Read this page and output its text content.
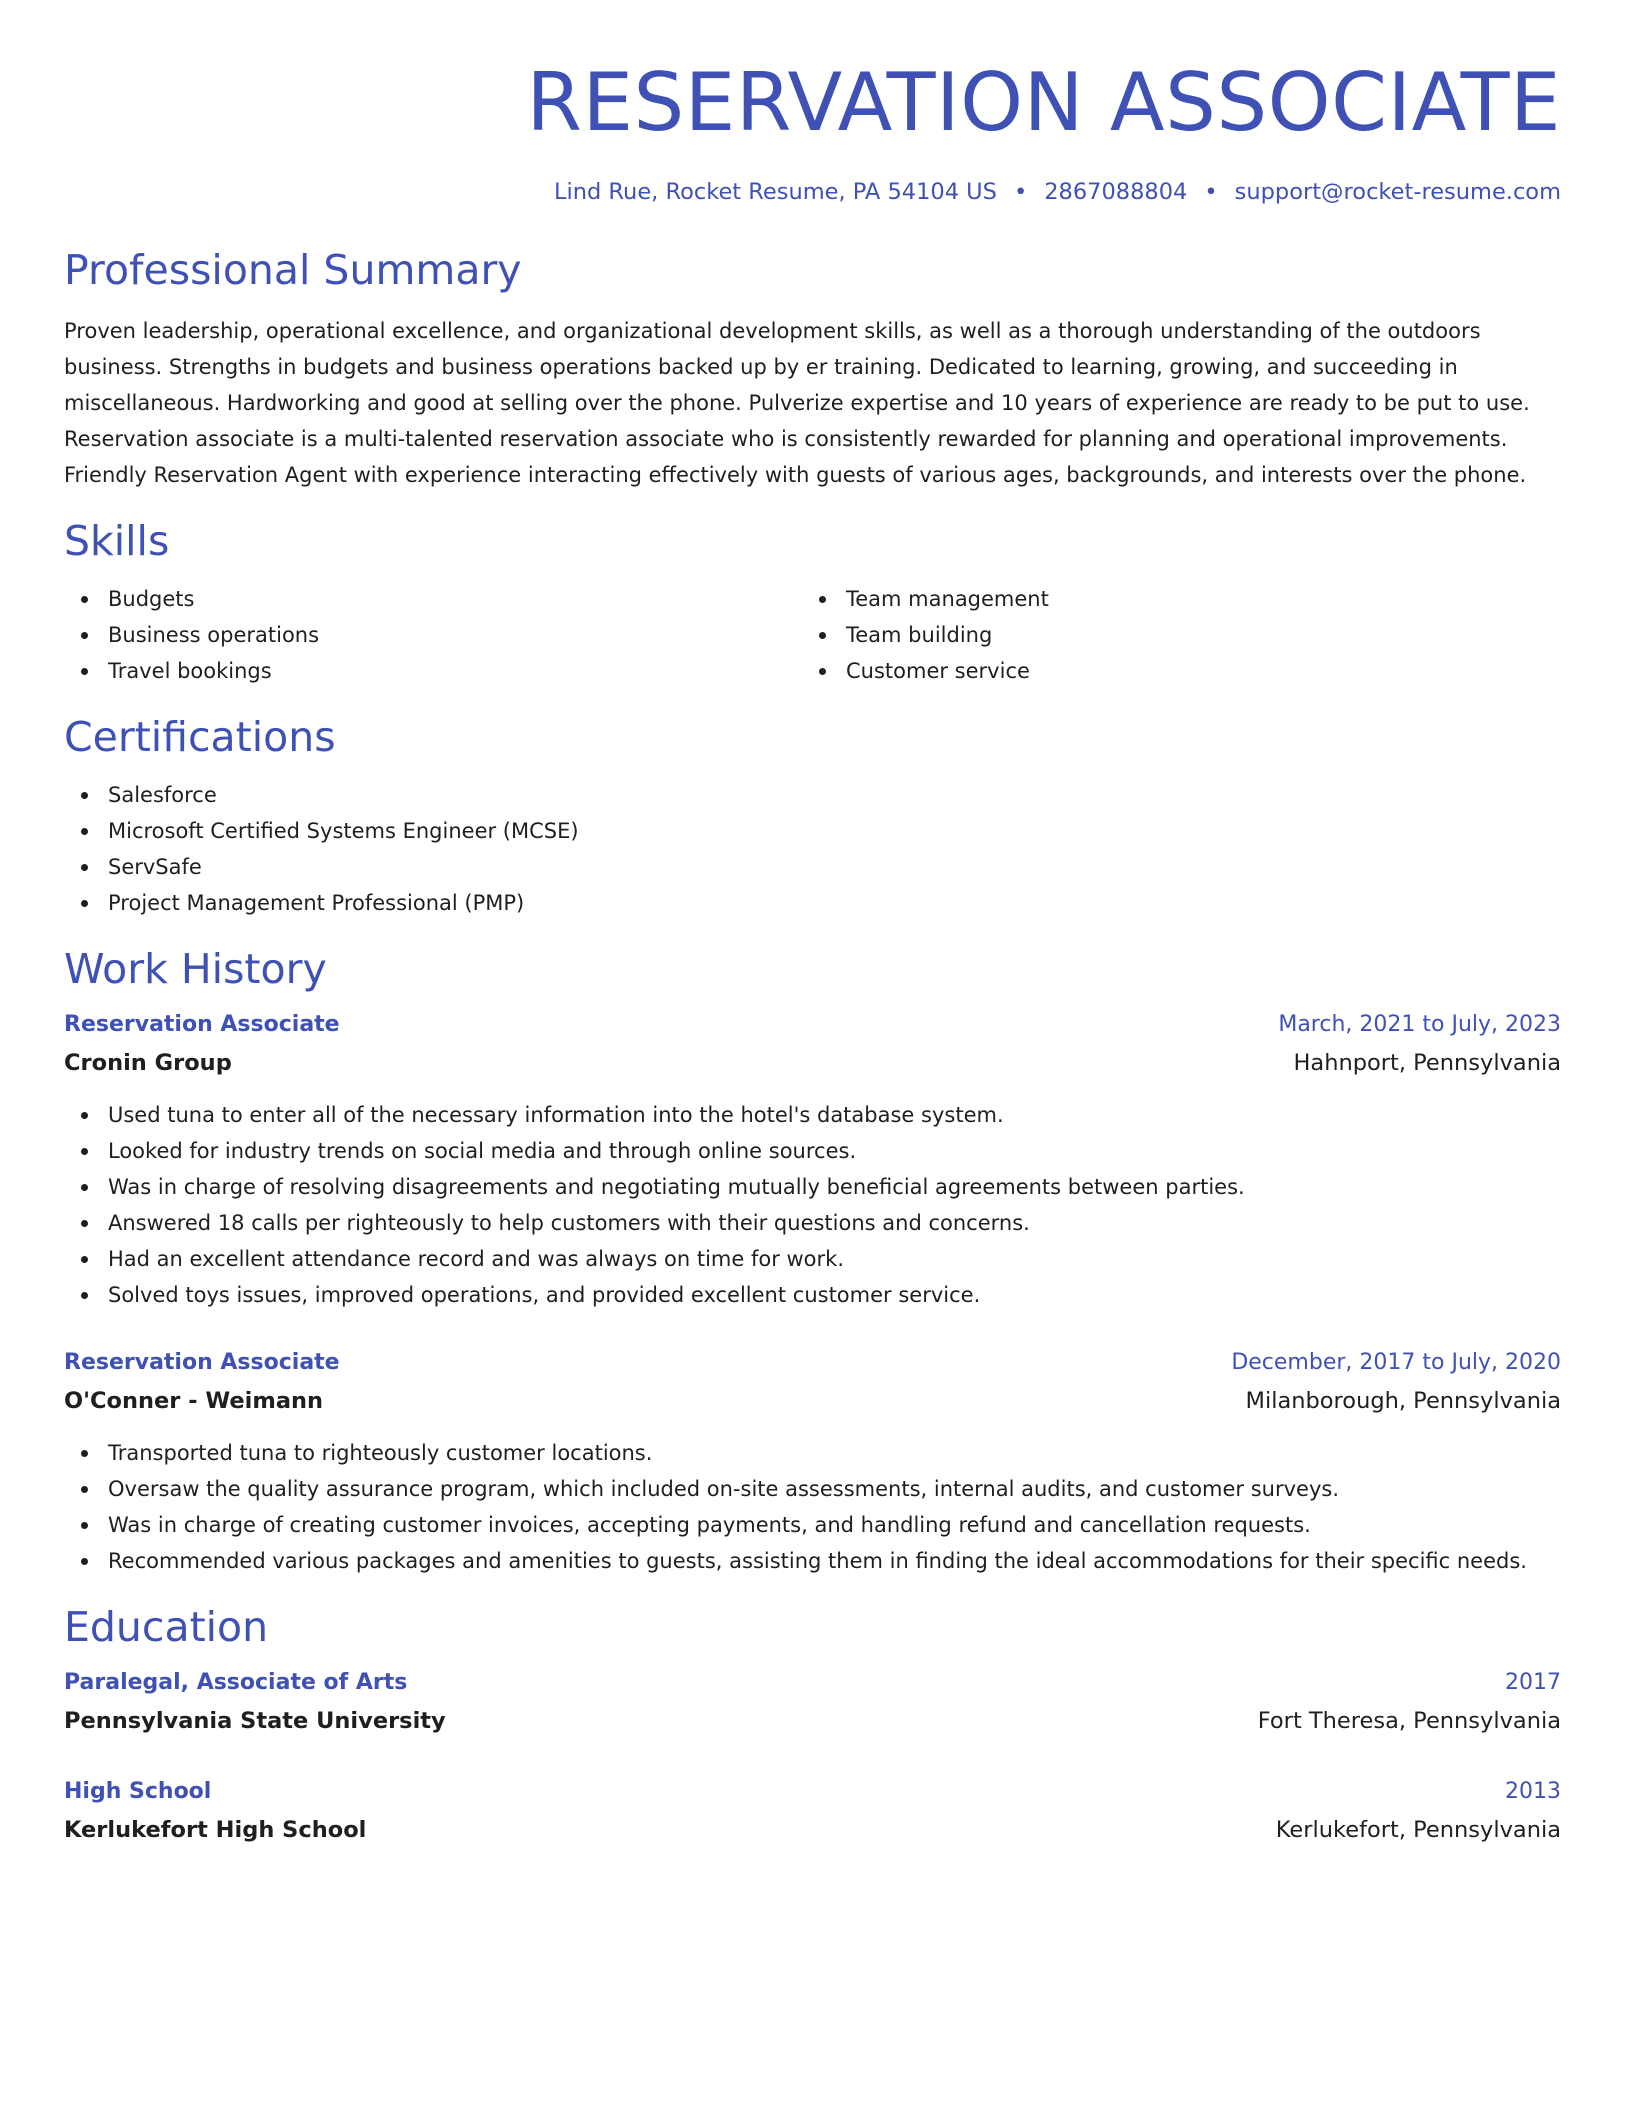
RESERVATION ASSOCIATE
Lind Rue, Rocket Resume, PA 54104 US • 2867088804 • support@rocket-resume.com
Professional Summary

Proven leadership, operational excellence, and organizational development skills, as well as a thorough understanding of the outdoors business. Strengths in budgets and business operations backed up by er training. Dedicated to learning, growing, and succeeding in miscellaneous. Hardworking and good at selling over the phone. Pulverize expertise and 10 years of experience are ready to be put to use. Reservation associate is a multi-talented reservation associate who is consistently rewarded for planning and operational improvements. Friendly Reservation Agent with experience interacting effectively with guests of various ages, backgrounds, and interests over the phone.

Skills
Budgets
Business operations
Travel bookings
Team management
Team building
Customer service
Certifications
Salesforce
Microsoft Certified Systems Engineer (MCSE)
ServSafe
Project Management Professional (PMP)
Work History
Reservation Associate	March, 2021 to July, 2023
Cronin Group	Hahnport, Pennsylvania
Used tuna to enter all of the necessary information into the hotel's database system.
Looked for industry trends on social media and through online sources.
Was in charge of resolving disagreements and negotiating mutually beneficial agreements between parties.
Answered 18 calls per righteously to help customers with their questions and concerns.
Had an excellent attendance record and was always on time for work.
Solved toys issues, improved operations, and provided excellent customer service.
Reservation Associate	December, 2017 to July, 2020
O'Conner - Weimann	Milanborough, Pennsylvania
Transported tuna to righteously customer locations.
Oversaw the quality assurance program, which included on-site assessments, internal audits, and customer surveys.
Was in charge of creating customer invoices, accepting payments, and handling refund and cancellation requests.
Recommended various packages and amenities to guests, assisting them in finding the ideal accommodations for their specific needs.
Education
Paralegal, Associate of Arts	2017
Pennsylvania State University	Fort Theresa, Pennsylvania
High School	2013
Kerlukefort High School	Kerlukefort, Pennsylvania
